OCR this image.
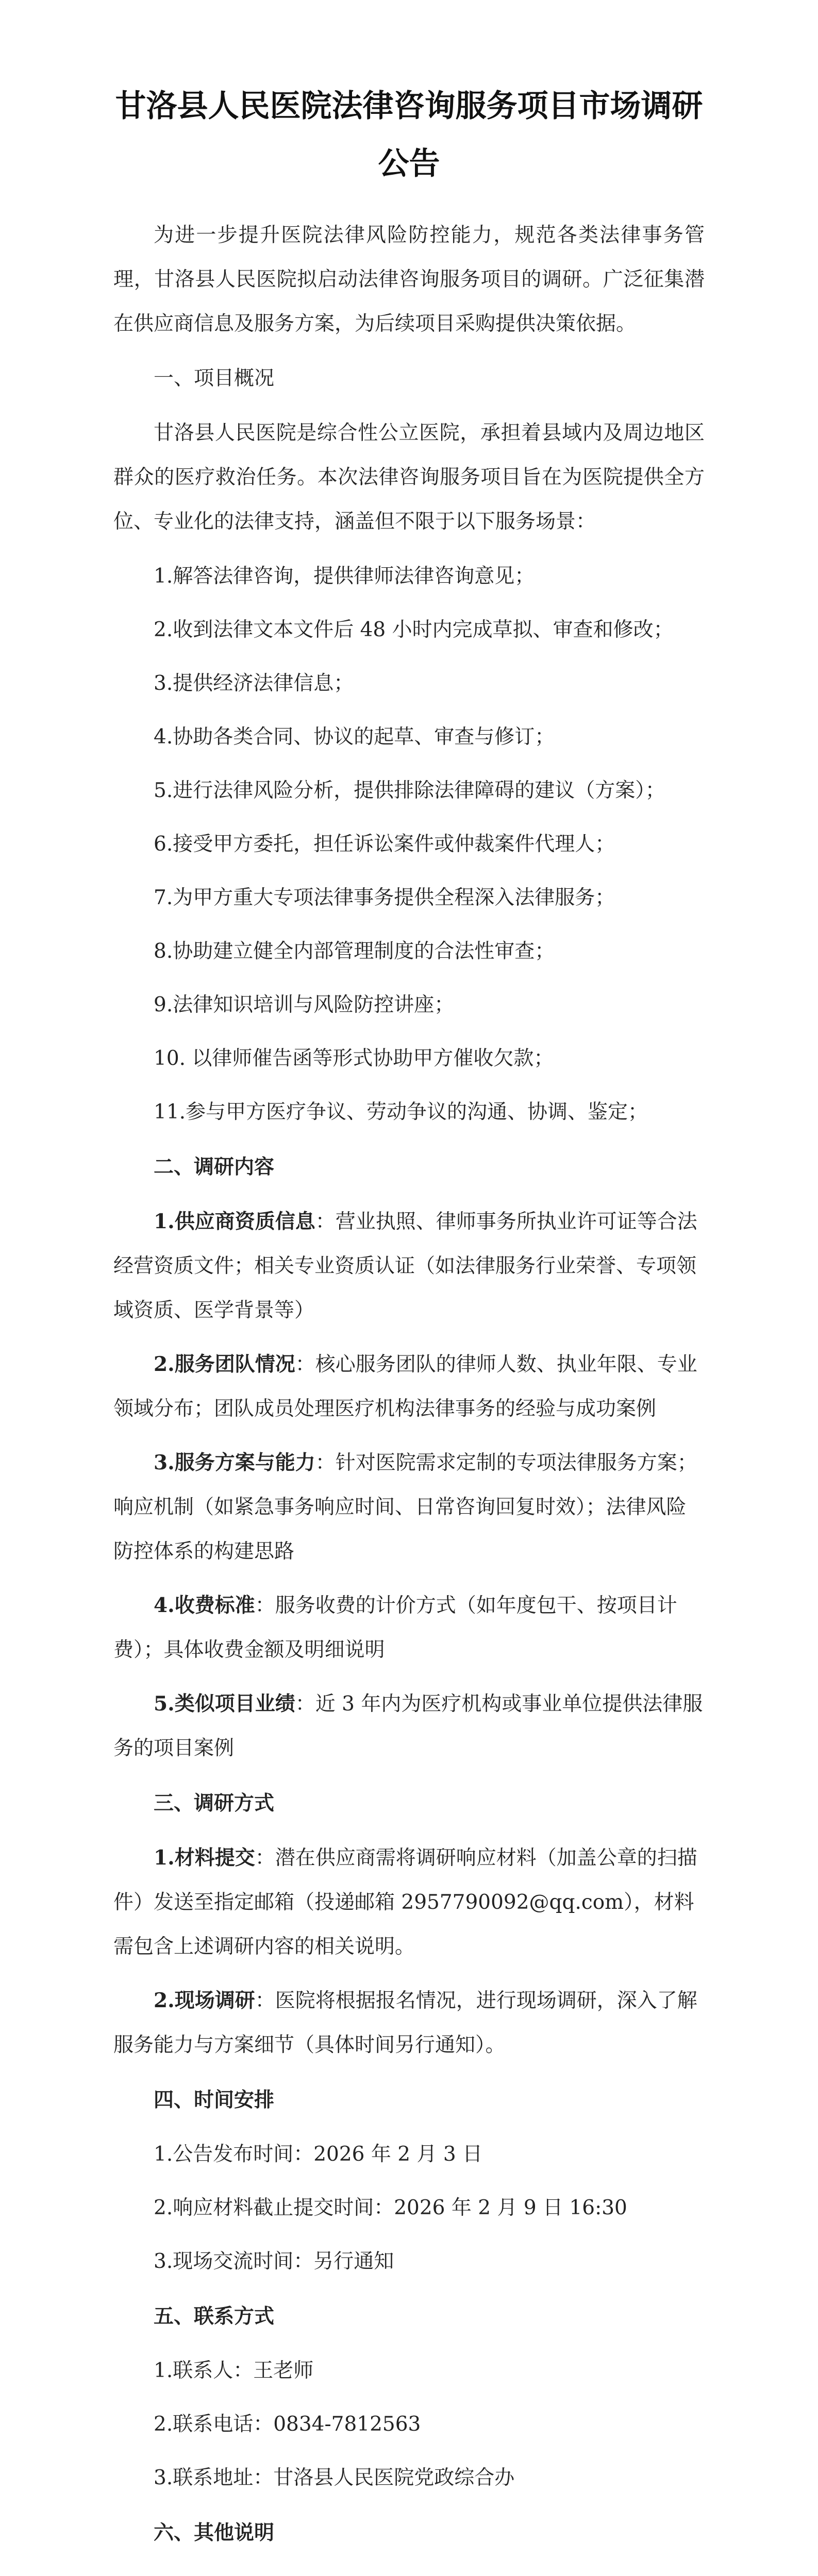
甘洛县人民医院法律咨询服务项目市场调研公告

为进一步提升医院法律风险防控能力，规范各类法律事务管理，甘洛县人民医院拟启动法律咨询服务项目的调研。广泛征集潜在供应商信息及服务方案，为后续项目采购提供决策依据。

一、项目概况

甘洛县人民医院是综合性公立医院，承担着县域内及周边地区群众的医疗救治任务。本次法律咨询服务项目旨在为医院提供全方位、专业化的法律支持，涵盖但不限于以下服务场景：

1.解答法律咨询，提供律师法律咨询意见；
2.收到法律文本文件后 48 小时内完成草拟、审查和修改；
3.提供经济法律信息；
4.协助各类合同、协议的起草、审查与修订；
5.进行法律风险分析，提供排除法律障碍的建议（方案）；
6.接受甲方委托，担任诉讼案件或仲裁案件代理人；
7.为甲方重大专项法律事务提供全程深入法律服务；
8.协助建立健全内部管理制度的合法性审查；
9.法律知识培训与风险防控讲座；
10. 以律师催告函等形式协助甲方催收欠款；
11.参与甲方医疗争议、劳动争议的沟通、协调、鉴定；
二、调研内容
1.供应商资质信息：营业执照、律师事务所执业许可证等合法经营资质文件；相关专业资质认证（如法律服务行业荣誉、专项领域资质、医学背景等）
2.服务团队情况：核心服务团队的律师人数、执业年限、专业领域分布；团队成员处理医疗机构法律事务的经验与成功案例
3.服务方案与能力：针对医院需求定制的专项法律服务方案；响应机制（如紧急事务响应时间、日常咨询回复时效）；法律风险防控体系的构建思路
4.收费标准：服务收费的计价方式（如年度包干、按项目计费）；具体收费金额及明细说明
5.类似项目业绩：近 3 年内为医疗机构或事业单位提供法律服务的项目案例
三、调研方式
1.材料提交：潜在供应商需将调研响应材料（加盖公章的扫描件）发送至指定邮箱（投递邮箱 2957790092@qq.com），材料需包含上述调研内容的相关说明。
2.现场调研：医院将根据报名情况，进行现场调研，深入了解服务能力与方案细节（具体时间另行通知）。
四、时间安排
1.公告发布时间：2026 年 2 月 3 日
2.响应材料截止提交时间：2026 年 2 月 9 日 16:30
3.现场交流时间：另行通知
五、联系方式
1.联系人：王老师
2.联系电话：0834-7812563
3.联系地址：甘洛县人民医院党政综合办
六、其他说明
